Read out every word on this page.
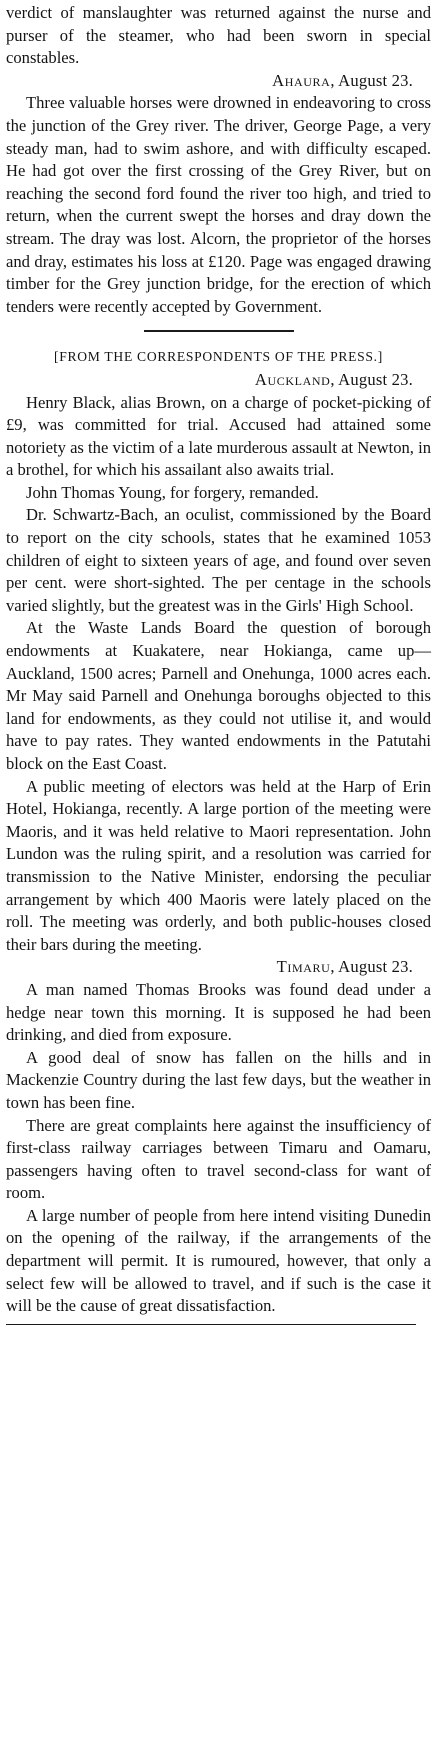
verdict of manslaughter was returned against the nurse and purser of the steamer, who had been sworn in special constables.

Ahaura, August 23.

Three valuable horses were drowned in endeavoring to cross the junction of the Grey river. The driver, George Page, a very steady man, had to swim ashore, and with difficulty escaped. He had got over the first crossing of the Grey River, but on reaching the second ford found the river too high, and tried to return, when the current swept the horses and dray down the stream. The dray was lost. Alcorn, the proprietor of the horses and dray, estimates his loss at £120. Page was engaged drawing timber for the Grey junction bridge, for the erection of which tenders were recently accepted by Government.

[FROM THE CORRESPONDENTS OF THE PRESS.]
Auckland, August 23.

Henry Black, alias Brown, on a charge of pocket-picking of £9, was committed for trial. Accused had attained some notoriety as the victim of a late murderous assault at Newton, in a brothel, for which his assailant also awaits trial.

John Thomas Young, for forgery, remanded.

Dr. Schwartz-Bach, an oculist, commissioned by the Board to report on the city schools, states that he examined 1053 children of eight to sixteen years of age, and found over seven per cent. were short-sighted. The per centage in the schools varied slightly, but the greatest was in the Girls' High School.

At the Waste Lands Board the question of borough endowments at Kuakatere, near Hokianga, came up—Auckland, 1500 acres; Parnell and Onehunga, 1000 acres each. Mr May said Parnell and Onehunga boroughs objected to this land for endowments, as they could not utilise it, and would have to pay rates. They wanted endowments in the Patutahi block on the East Coast.

A public meeting of electors was held at the Harp of Erin Hotel, Hokianga, recently. A large portion of the meeting were Maoris, and it was held relative to Maori representation. John Lundon was the ruling spirit, and a resolution was carried for transmission to the Native Minister, endorsing the peculiar arrangement by which 400 Maoris were lately placed on the roll. The meeting was orderly, and both public-houses closed their bars during the meeting.

Timaru, August 23.

A man named Thomas Brooks was found dead under a hedge near town this morning. It is supposed he had been drinking, and died from exposure.

A good deal of snow has fallen on the hills and in Mackenzie Country during the last few days, but the weather in town has been fine.

There are great complaints here against the insufficiency of first-class railway carriages between Timaru and Oamaru, passengers having often to travel second-class for want of room.

A large number of people from here intend visiting Dunedin on the opening of the railway, if the arrangements of the department will permit. It is rumoured, however, that only a select few will be allowed to travel, and if such is the case it will be the cause of great dissatisfaction.
